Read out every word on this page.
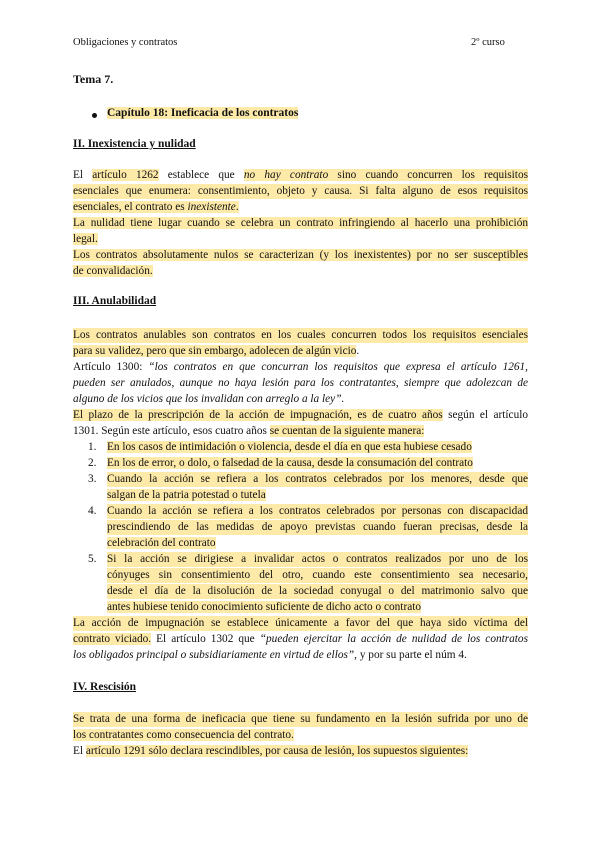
Obligaciones y contratos	2º curso
Tema 7.
Capítulo 18: Ineficacia de los contratos
II. Inexistencia y nulidad
El artículo 1262 establece que no hay contrato sino cuando concurren los requisitos
esenciales que enumera: consentimiento, objeto y causa. Si falta alguno de esos requisitos
esenciales, el contrato es inexistente.
La nulidad tiene lugar cuando se celebra un contrato infringiendo al hacerlo una prohibición
legal.
Los contratos absolutamente nulos se caracterizan (y los inexistentes) por no ser susceptibles
de convalidación.
III. Anulabilidad
Los contratos anulables son contratos en los cuales concurren todos los requisitos esenciales
para su validez, pero que sin embargo, adolecen de algún vicio.
Artículo 1300: “los contratos en que concurran los requisitos que expresa el artículo 1261,
pueden ser anulados, aunque no haya lesión para los contratantes, siempre que adolezcan de
alguno de los vicios que los invalidan con arreglo a la ley”.
El plazo de la prescripción de la acción de impugnación, es de cuatro años según el artículo
1301. Según este artículo, esos cuatro años se cuentan de la siguiente manera:
1. En los casos de intimidación o violencia, desde el día en que esta hubiese cesado
2. En los de error, o dolo, o falsedad de la causa, desde la consumación del contrato
3. Cuando la acción se refiera a los contratos celebrados por los menores, desde que
salgan de la patria potestad o tutela
4. Cuando la acción se refiera a los contratos celebrados por personas con discapacidad
prescindiendo de las medidas de apoyo previstas cuando fueran precisas, desde la
celebración del contrato
5. Si la acción se dirigiese a invalidar actos o contratos realizados por uno de los
cónyuges sin consentimiento del otro, cuando este consentimiento sea necesario,
desde el día de la disolución de la sociedad conyugal o del matrimonio salvo que
antes hubiese tenido conocimiento suficiente de dicho acto o contrato
La acción de impugnación se establece únicamente a favor del que haya sido víctima del
contrato viciado. El artículo 1302 que “pueden ejercitar la acción de nulidad de los contratos
los obligados principal o subsidiariamente en virtud de ellos”, y por su parte el núm 4.
IV. Rescisión
Se trata de una forma de ineficacia que tiene su fundamento en la lesión sufrida por uno de
los contratantes como consecuencia del contrato.
El artículo 1291 sólo declara rescindibles, por causa de lesión, los supuestos siguientes:
